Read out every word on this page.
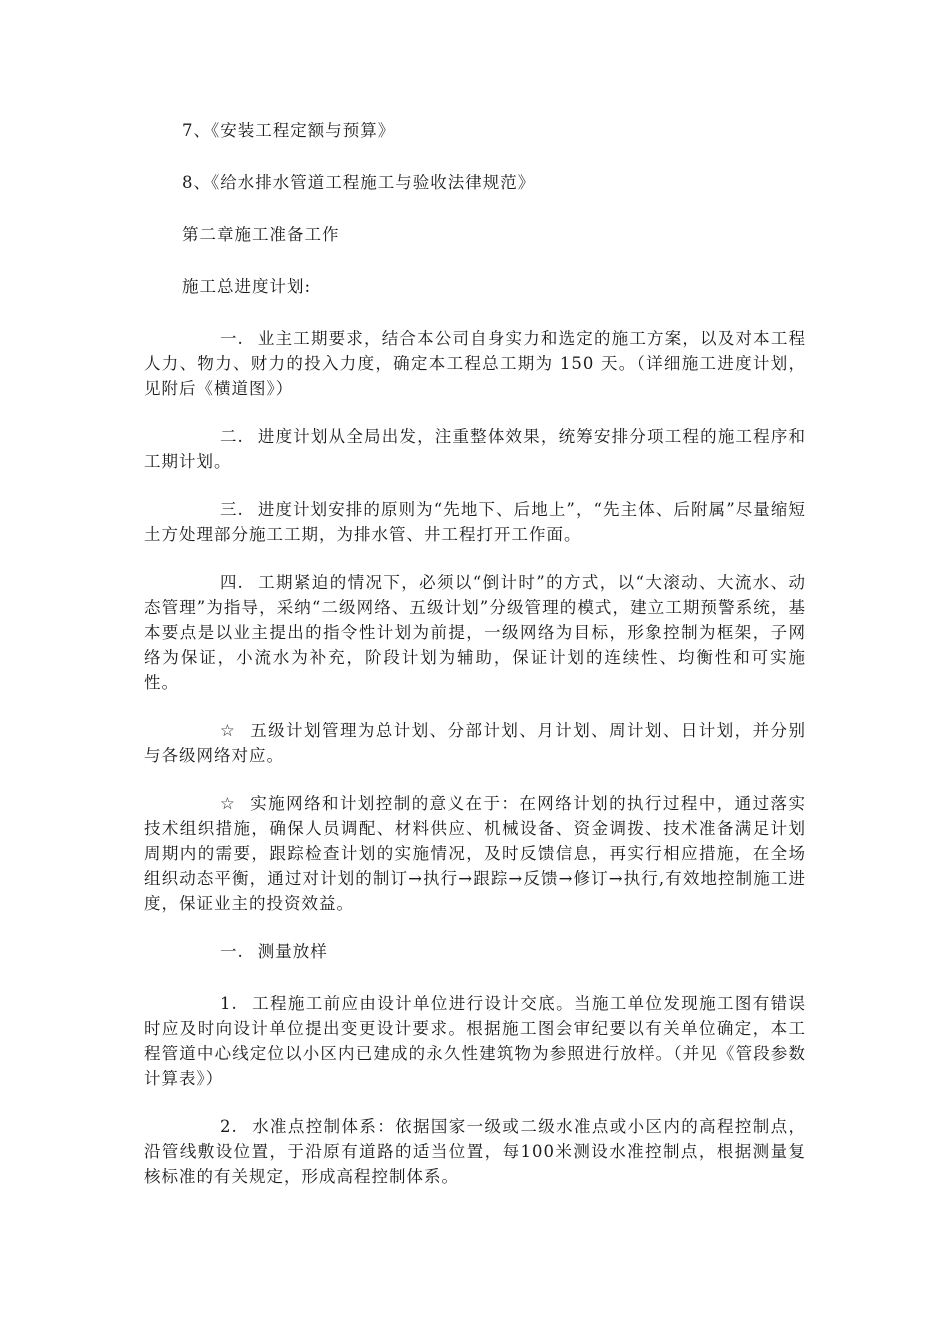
7、《安装工程定额与预算》

8、《给水排水管道工程施工与验收法律规范》

第二章施工准备工作

施工总进度计划:

一. 业主工期要求，结合本公司自身实力和选定的施工方案，以及对本工程人力、物力、财力的投入力度，确定本工程总工期为 150 天。（详细施工进度计划，见附后《横道图》）

二. 进度计划从全局出发，注重整体效果，统筹安排分项工程的施工程序和工期计划。

三. 进度计划安排的原则为“先地下、后地上”，“先主体、后附属”尽量缩短土方处理部分施工工期，为排水管、井工程打开工作面。

四. 工期紧迫的情况下，必须以“倒计时”的方式，以“大滚动、大流水、动态管理”为指导，采纳“二级网络、五级计划”分级管理的模式，建立工期预警系统，基本要点是以业主提出的指令性计划为前提，一级网络为目标，形象控制为框架，子网络为保证，小流水为补充，阶段计划为辅助，保证计划的连续性、均衡性和可实施性。

☆ 五级计划管理为总计划、分部计划、月计划、周计划、日计划，并分别与各级网络对应。

☆ 实施网络和计划控制的意义在于：在网络计划的执行过程中，通过落实技术组织措施，确保人员调配、材料供应、机械设备、资金调拨、技术准备满足计划周期内的需要，跟踪检查计划的实施情况，及时反馈信息，再实行相应措施，在全场组织动态平衡，通过对计划的制订→执行→跟踪→反馈→修订→执行,有效地控制施工进度，保证业主的投资效益。

一. 测量放样

1. 工程施工前应由设计单位进行设计交底。当施工单位发现施工图有错误时应及时向设计单位提出变更设计要求。根据施工图会审纪要以有关单位确定，本工程管道中心线定位以小区内已建成的永久性建筑物为参照进行放样。（并见《管段参数计算表》）

2. 水准点控制体系：依据国家一级或二级水准点或小区内的高程控制点，沿管线敷设位置，于沿原有道路的适当位置，每100米测设水准控制点，根据测量复核标准的有关规定，形成高程控制体系。
